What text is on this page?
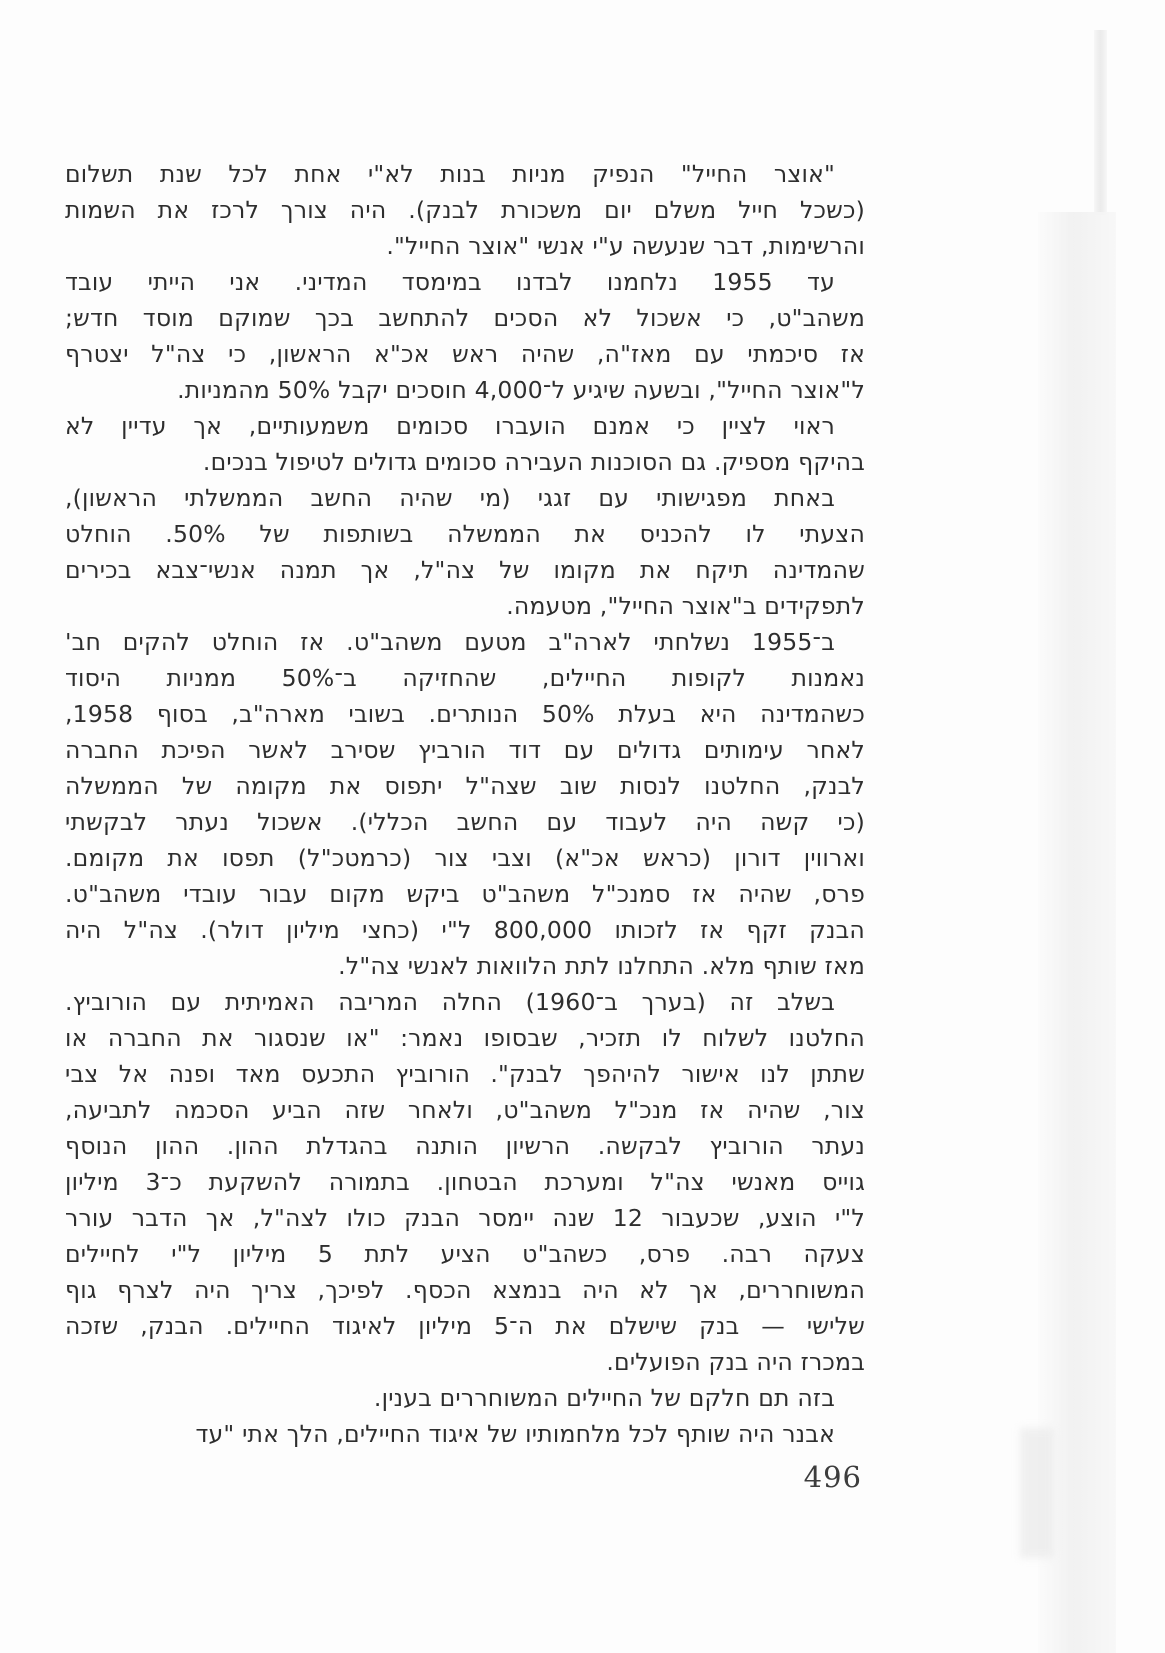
"אוצר החייל" הנפיק מניות בנות לא"י אחת לכל שנת תשלום
(כשכל חייל משלם יום משכורת לבנק). היה צורך לרכז את השמות
והרשימות, דבר שנעשה ע"י אנשי "אוצר החייל".
עד 1955 נלחמנו לבדנו במימסד המדיני. אני הייתי עובד
משהב"ט, כי אשכול לא הסכים להתחשב בכך שמוקם מוסד חדש;
אז סיכמתי עם מאז"ה, שהיה ראש אכ"א הראשון, כי צה"ל יצטרף
ל"אוצר החייל", ובשעה שיגיע ל־4,000 חוסכים יקבל 50% מהמניות.
ראוי לציין כי אמנם הועברו סכומים משמעותיים, אך עדיין לא
בהיקף מספיק. גם הסוכנות העבירה סכומים גדולים לטיפול בנכים.
באחת מפגישותי עם זגגי (מי שהיה החשב הממשלתי הראשון),
הצעתי לו להכניס את הממשלה בשותפות של 50%. הוחלט
שהמדינה תיקח את מקומו של צה"ל, אך תמנה אנשי־צבא בכירים
לתפקידים ב"אוצר החייל", מטעמה.
ב־1955 נשלחתי לארה"ב מטעם משהב"ט. אז הוחלט להקים חב'
נאמנות לקופות החיילים, שהחזיקה ב־50% ממניות היסוד
כשהמדינה היא בעלת 50% הנותרים. בשובי מארה"ב, בסוף 1958,
לאחר עימותים גדולים עם דוד הורביץ שסירב לאשר הפיכת החברה
לבנק, החלטנו לנסות שוב שצה"ל יתפוס את מקומה של הממשלה
(כי קשה היה לעבוד עם החשב הכללי). אשכול נעתר לבקשתי
וארווין דורון (כראש אכ"א) וצבי צור (כרמטכ"ל) תפסו את מקומם.
פרס, שהיה אז סמנכ"ל משהב"ט ביקש מקום עבור עובדי משהב"ט.
הבנק זקף אז לזכותו 800,000 ל"י (כחצי מיליון דולר). צה"ל היה
מאז שותף מלא. התחלנו לתת הלוואות לאנשי צה"ל.
בשלב זה (בערך ב־1960) החלה המריבה האמיתית עם הורוביץ.
החלטנו לשלוח לו תזכיר, שבסופו נאמר: "או שנסגור את החברה או
שתתן לנו אישור להיהפך לבנק". הורוביץ התכעס מאד ופנה אל צבי
צור, שהיה אז מנכ"ל משהב"ט, ולאחר שזה הביע הסכמה לתביעה,
נעתר הורוביץ לבקשה. הרשיון הותנה בהגדלת ההון. ההון הנוסף
גוייס מאנשי צה"ל ומערכת הבטחון. בתמורה להשקעת כ־3 מיליון
ל"י הוצע, שכעבור 12 שנה יימסר הבנק כולו לצה"ל, אך הדבר עורר
צעקה רבה. פרס, כשהב"ט הציע לתת 5 מיליון ל"י לחיילים
המשוחררים, אך לא היה בנמצא הכסף. לפיכך, צריך היה לצרף גוף
שלישי — בנק שישלם את ה־5 מיליון לאיגוד החיילים. הבנק, שזכה
במכרז היה בנק הפועלים.
בזה תם חלקם של החיילים המשוחררים בענין.
אבנר היה שותף לכל מלחמותיו של איגוד החיילים, הלך אתי "עד
496
